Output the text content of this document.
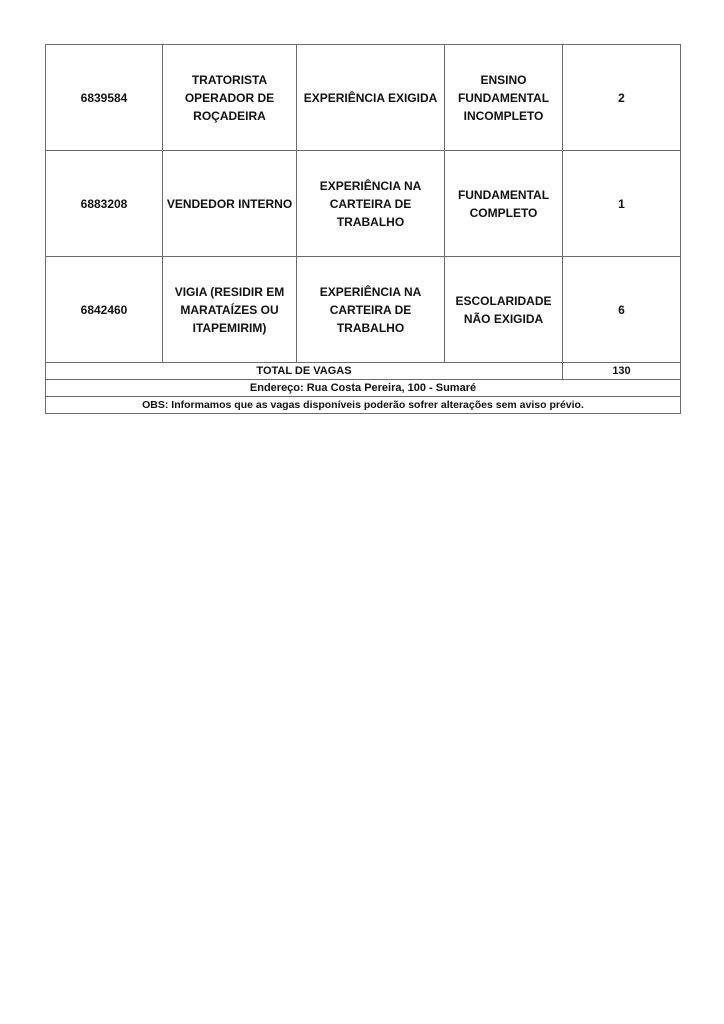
6839584	TRATORISTA OPERADOR DE ROÇADEIRA	EXPERIÊNCIA EXIGIDA	ENSINO FUNDAMENTAL INCOMPLETO	2
6883208	VENDEDOR INTERNO	EXPERIÊNCIA NA CARTEIRA DE TRABALHO	FUNDAMENTAL COMPLETO	1
6842460	VIGIA (RESIDIR EM MARATAÍZES OU ITAPEMIRIM)	EXPERIÊNCIA NA CARTEIRA DE TRABALHO	ESCOLARIDADE NÃO EXIGIDA	6
TOTAL DE VAGAS				130
Endereço: Rua Costa Pereira, 100 - Sumaré				
OBS: Informamos que as vagas disponíveis poderão sofrer alterações sem aviso prévio.				
